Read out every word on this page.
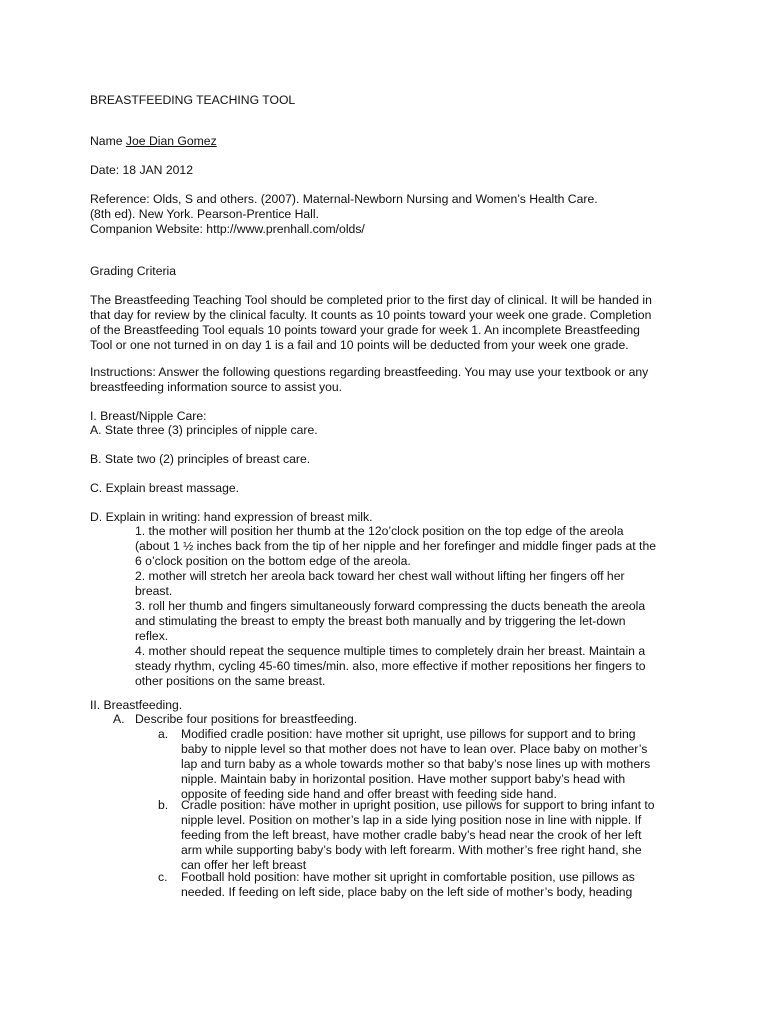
BREASTFEEDING TEACHING TOOL
Name Joe Dian Gomez
Date: 18 JAN 2012
Reference: Olds, S and others. (2007). Maternal-Newborn Nursing and Women’s Health Care.
(8th ed). New York. Pearson-Prentice Hall.
Companion Website: http://www.prenhall.com/olds/
Grading Criteria
The Breastfeeding Teaching Tool should be completed prior to the first day of clinical. It will be handed in
that day for review by the clinical faculty. It counts as 10 points toward your week one grade. Completion
of the Breastfeeding Tool equals 10 points toward your grade for week 1. An incomplete Breastfeeding
Tool or one not turned in on day 1 is a fail and 10 points will be deducted from your week one grade.
Instructions: Answer the following questions regarding breastfeeding. You may use your textbook or any
breastfeeding information source to assist you.
I. Breast/Nipple Care:
A. State three (3) principles of nipple care.
B. State two (2) principles of breast care.
C. Explain breast massage.
D. Explain in writing: hand expression of breast milk.
1. the mother will position her thumb at the 12o’clock position on the top edge of the areola
(about 1 ½ inches back from the tip of her nipple and her forefinger and middle finger pads at the
6 o’clock position on the bottom edge of the areola.
2. mother will stretch her areola back toward her chest wall without lifting her fingers off her
breast.
3. roll her thumb and fingers simultaneously forward compressing the ducts beneath the areola
and stimulating the breast to empty the breast both manually and by triggering the let-down
reflex.
4. mother should repeat the sequence multiple times to completely drain her breast. Maintain a
steady rhythm, cycling 45-60 times/min. also, more effective if mother repositions her fingers to
other positions on the same breast.
II. Breastfeeding.
A. Describe four positions for breastfeeding.
a. Modified cradle position: have mother sit upright, use pillows for support and to bring
baby to nipple level so that mother does not have to lean over. Place baby on mother’s
lap and turn baby as a whole towards mother so that baby’s nose lines up with mothers
nipple. Maintain baby in horizontal position. Have mother support baby’s head with
opposite of feeding side hand and offer breast with feeding side hand.
b. Cradle position: have mother in upright position, use pillows for support to bring infant to
nipple level. Position on mother’s lap in a side lying position nose in line with nipple. If
feeding from the left breast, have mother cradle baby’s head near the crook of her left
arm while supporting baby’s body with left forearm. With mother’s free right hand, she
can offer her left breast
c. Football hold position: have mother sit upright in comfortable position, use pillows as
needed. If feeding on left side, place baby on the left side of mother’s body, heading
